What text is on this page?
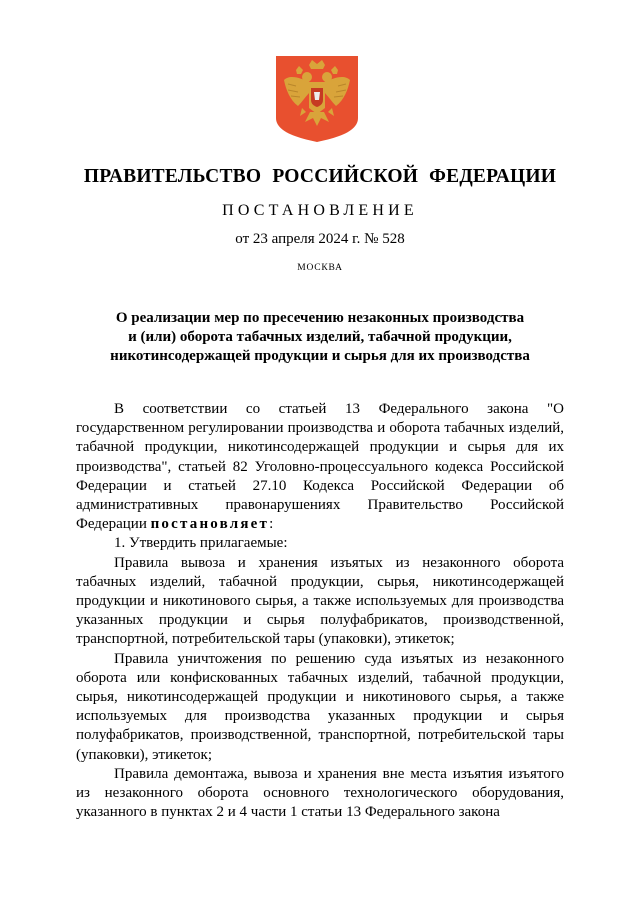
ПРАВИТЕЛЬСТВО РОССИЙСКОЙ ФЕДЕРАЦИИ
ПОСТАНОВЛЕНИЕ
от 23 апреля 2024 г. № 528
МОСКВА
О реализации мер по пресечению незаконных производства
и (или) оборота табачных изделий, табачной продукции,
никотинсодержащей продукции и сырья для их производства

В соответствии со статьей 13 Федерального закона "О государственном регулировании производства и оборота табачных изделий, табачной продукции, никотинсодержащей продукции и сырья для их производства", статьей 82 Уголовно-процессуального кодекса Российской Федерации и статьей 27.10 Кодекса Российской Федерации об административных правонарушениях Правительство Российской Федерации постановляет:

1. Утвердить прилагаемые:

Правила вывоза и хранения изъятых из незаконного оборота табачных изделий, табачной продукции, сырья, никотинсодержащей продукции и никотинового сырья, а также используемых для производства указанных продукции и сырья полуфабрикатов, производственной, транспортной, потребительской тары (упаковки), этикеток;

Правила уничтожения по решению суда изъятых из незаконного оборота или конфискованных табачных изделий, табачной продукции, сырья, никотинсодержащей продукции и никотинового сырья, а также используемых для производства указанных продукции и сырья полуфабрикатов, производственной, транспортной, потребительской тары (упаковки), этикеток;

Правила демонтажа, вывоза и хранения вне места изъятия изъятого из незаконного оборота основного технологического оборудования, указанного в пунктах 2 и 4 части 1 статьи 13 Федерального закона
